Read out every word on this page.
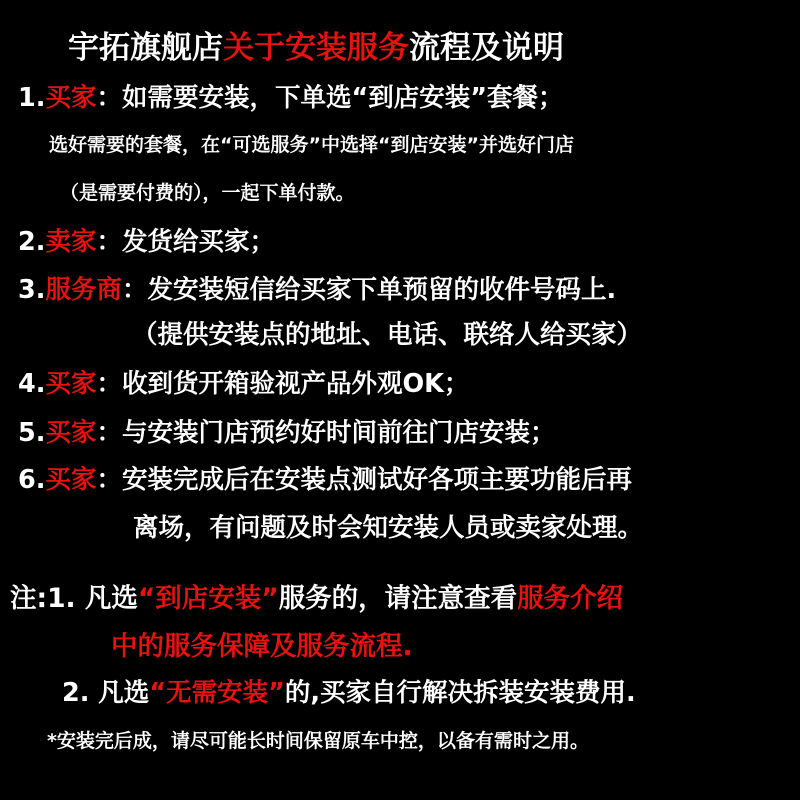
宇拓旗舰店关于安装服务流程及说明
1.买家：如需要安装，下单选“到店安装”套餐；
选好需要的套餐，在“可选服务”中选择“到店安装”并选好门店
（是需要付费的），一起下单付款。
2.卖家：发货给买家；
3.服务商：发安装短信给买家下单预留的收件号码上.
（提供安装点的地址、电话、联络人给买家）
4.买家：收到货开箱验视产品外观OK；
5.买家：与安装门店预约好时间前往门店安装；
6.买家：安装完成后在安装点测试好各项主要功能后再
离场，有问题及时会知安装人员或卖家处理。
注:1. 凡选“到店安装”服务的，请注意查看服务介绍
中的服务保障及服务流程.
2. 凡选“无需安装”的,买家自行解决拆装安装费用.
*安装完后成，请尽可能长时间保留原车中控，以备有需时之用。
